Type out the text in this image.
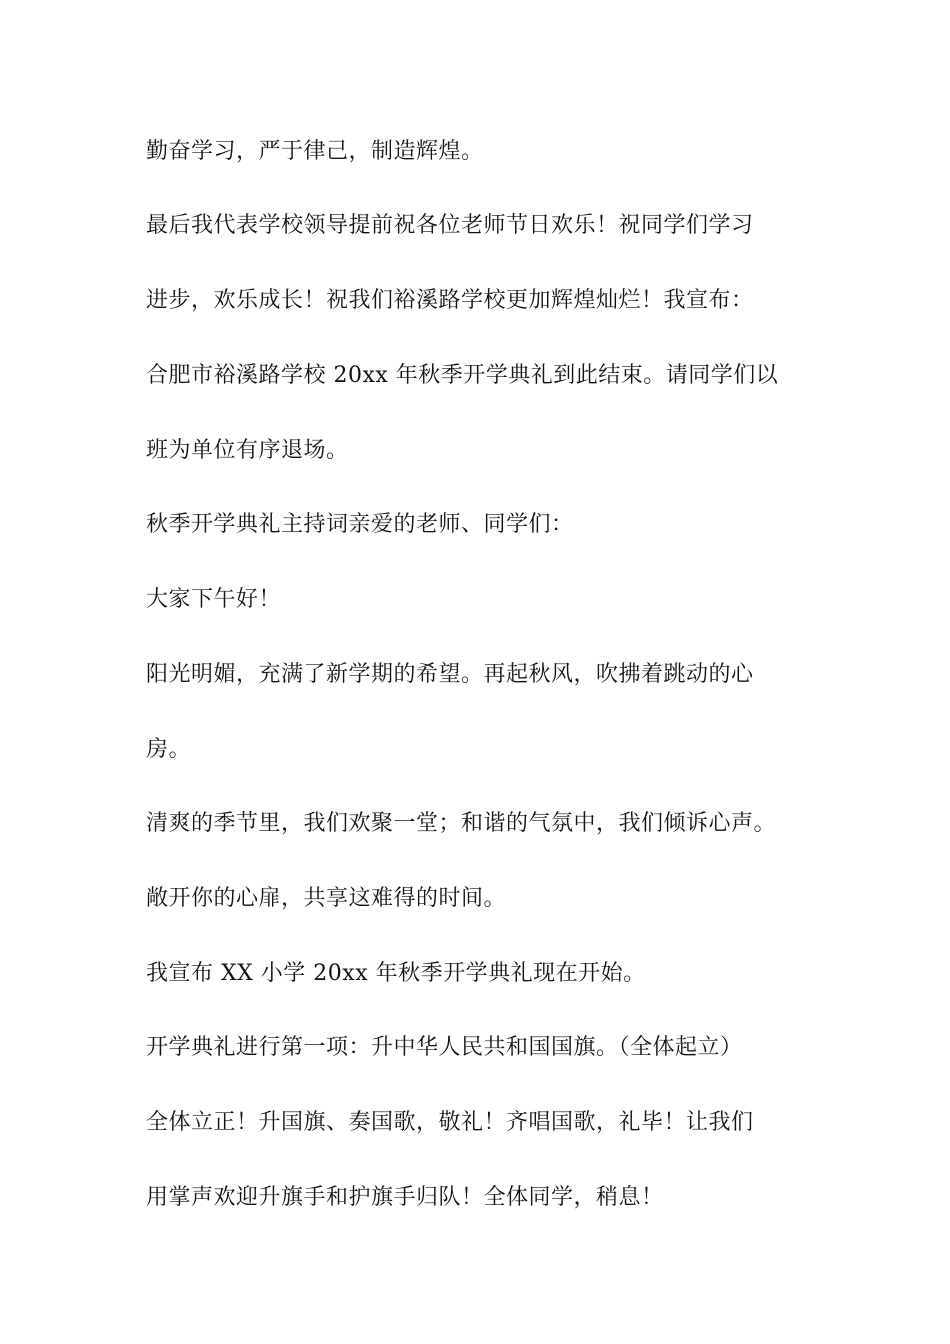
勤奋学习，严于律己，制造辉煌。
最后我代表学校领导提前祝各位老师节日欢乐！祝同学们学习
进步，欢乐成长！祝我们裕溪路学校更加辉煌灿烂！我宣布：
合肥市裕溪路学校 20xx 年秋季开学典礼到此结束。请同学们以
班为单位有序退场。
秋季开学典礼主持词亲爱的老师、同学们：
大家下午好！
阳光明媚，充满了新学期的希望。再起秋风，吹拂着跳动的心
房。
清爽的季节里，我们欢聚一堂；和谐的气氛中，我们倾诉心声。
敞开你的心扉，共享这难得的时间。
我宣布 XX 小学 20xx 年秋季开学典礼现在开始。
开学典礼进行第一项：升中华人民共和国国旗。（全体起立）
全体立正！升国旗、奏国歌，敬礼！齐唱国歌，礼毕！让我们
用掌声欢迎升旗手和护旗手归队！全体同学，稍息！
